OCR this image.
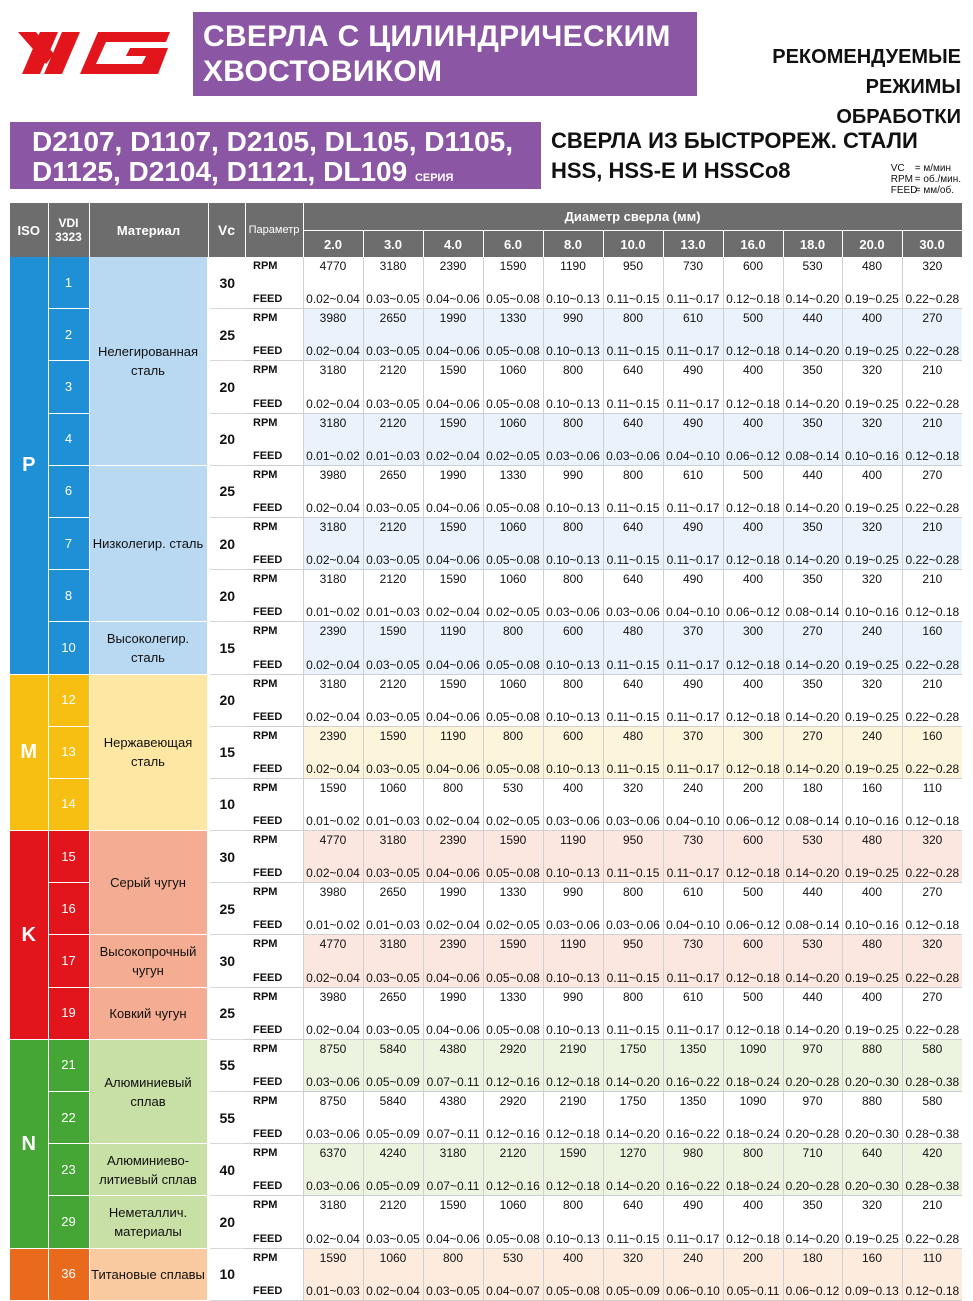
СВЕРЛА С ЦИЛИНДРИЧЕСКИМ
ХВОСТОВИКОМ	РЕКОМЕНДУЕМЫЕ РЕЖИМЫ
ОБРАБОТКИ
D2107, D1107, D2105, DL105, D1105,
D1125, D2104, D1121, DL109 СЕРИЯ
СВЕРЛА ИЗ БЫСТРОРЕЖ. СТАЛИ
HSS, HSS-E И HSSCo8	VC = м/мин
RPM = об./мин.
FEED= мм/об.
ISO	VDI 3323	Материал	Vc	Параметр	Диаметр сверла (мм)										
					2.0	3.0	4.0	6.0	8.0	10.0	13.0	16.0	18.0	20.0	30.0
P	1	Нелегированная сталь	30	RPM	4770	3180	2390	1590	1190	950	730	600	530	480	320
				FEED	0.02~0.04	0.03~0.05	0.04~0.06	0.05~0.08	0.10~0.13	0.11~0.15	0.11~0.17	0.12~0.18	0.14~0.20	0.19~0.25	0.22~0.28
	2		25	RPM	3980	2650	1990	1330	990	800	610	500	440	400	270
				FEED	0.02~0.04	0.03~0.05	0.04~0.06	0.05~0.08	0.10~0.13	0.11~0.15	0.11~0.17	0.12~0.18	0.14~0.20	0.19~0.25	0.22~0.28
	3		20	RPM	3180	2120	1590	1060	800	640	490	400	350	320	210
				FEED	0.02~0.04	0.03~0.05	0.04~0.06	0.05~0.08	0.10~0.13	0.11~0.15	0.11~0.17	0.12~0.18	0.14~0.20	0.19~0.25	0.22~0.28
	4		20	RPM	3180	2120	1590	1060	800	640	490	400	350	320	210
				FEED	0.01~0.02	0.01~0.03	0.02~0.04	0.02~0.05	0.03~0.06	0.03~0.06	0.04~0.10	0.06~0.12	0.08~0.14	0.10~0.16	0.12~0.18
	6	Низколегир. сталь	25	RPM	3980	2650	1990	1330	990	800	610	500	440	400	270
				FEED	0.02~0.04	0.03~0.05	0.04~0.06	0.05~0.08	0.10~0.13	0.11~0.15	0.11~0.17	0.12~0.18	0.14~0.20	0.19~0.25	0.22~0.28
	7		20	RPM	3180	2120	1590	1060	800	640	490	400	350	320	210
				FEED	0.02~0.04	0.03~0.05	0.04~0.06	0.05~0.08	0.10~0.13	0.11~0.15	0.11~0.17	0.12~0.18	0.14~0.20	0.19~0.25	0.22~0.28
	8		20	RPM	3180	2120	1590	1060	800	640	490	400	350	320	210
				FEED	0.01~0.02	0.01~0.03	0.02~0.04	0.02~0.05	0.03~0.06	0.03~0.06	0.04~0.10	0.06~0.12	0.08~0.14	0.10~0.16	0.12~0.18
	10	Высоколегир. сталь	15	RPM	2390	1590	1190	800	600	480	370	300	270	240	160
				FEED	0.02~0.04	0.03~0.05	0.04~0.06	0.05~0.08	0.10~0.13	0.11~0.15	0.11~0.17	0.12~0.18	0.14~0.20	0.19~0.25	0.22~0.28
M	12	Нержавеющая сталь	20	RPM	3180	2120	1590	1060	800	640	490	400	350	320	210
				FEED	0.02~0.04	0.03~0.05	0.04~0.06	0.05~0.08	0.10~0.13	0.11~0.15	0.11~0.17	0.12~0.18	0.14~0.20	0.19~0.25	0.22~0.28
	13		15	RPM	2390	1590	1190	800	600	480	370	300	270	240	160
				FEED	0.02~0.04	0.03~0.05	0.04~0.06	0.05~0.08	0.10~0.13	0.11~0.15	0.11~0.17	0.12~0.18	0.14~0.20	0.19~0.25	0.22~0.28
	14		10	RPM	1590	1060	800	530	400	320	240	200	180	160	110
				FEED	0.01~0.02	0.01~0.03	0.02~0.04	0.02~0.05	0.03~0.06	0.03~0.06	0.04~0.10	0.06~0.12	0.08~0.14	0.10~0.16	0.12~0.18
K	15	Серый чугун	30	RPM	4770	3180	2390	1590	1190	950	730	600	530	480	320
				FEED	0.02~0.04	0.03~0.05	0.04~0.06	0.05~0.08	0.10~0.13	0.11~0.15	0.11~0.17	0.12~0.18	0.14~0.20	0.19~0.25	0.22~0.28
	16		25	RPM	3980	2650	1990	1330	990	800	610	500	440	400	270
				FEED	0.01~0.02	0.01~0.03	0.02~0.04	0.02~0.05	0.03~0.06	0.03~0.06	0.04~0.10	0.06~0.12	0.08~0.14	0.10~0.16	0.12~0.18
	17	Высокопрочный чугун	30	RPM	4770	3180	2390	1590	1190	950	730	600	530	480	320
				FEED	0.02~0.04	0.03~0.05	0.04~0.06	0.05~0.08	0.10~0.13	0.11~0.15	0.11~0.17	0.12~0.18	0.14~0.20	0.19~0.25	0.22~0.28
	19	Ковкий чугун	25	RPM	3980	2650	1990	1330	990	800	610	500	440	400	270
				FEED	0.02~0.04	0.03~0.05	0.04~0.06	0.05~0.08	0.10~0.13	0.11~0.15	0.11~0.17	0.12~0.18	0.14~0.20	0.19~0.25	0.22~0.28
N	21	Алюминиевый сплав	55	RPM	8750	5840	4380	2920	2190	1750	1350	1090	970	880	580
				FEED	0.03~0.06	0.05~0.09	0.07~0.11	0.12~0.16	0.12~0.18	0.14~0.20	0.16~0.22	0.18~0.24	0.20~0.28	0.20~0.30	0.28~0.38
	22		55	RPM	8750	5840	4380	2920	2190	1750	1350	1090	970	880	580
				FEED	0.03~0.06	0.05~0.09	0.07~0.11	0.12~0.16	0.12~0.18	0.14~0.20	0.16~0.22	0.18~0.24	0.20~0.28	0.20~0.30	0.28~0.38
	23	Алюминиево-литиевый сплав	40	RPM	6370	4240	3180	2120	1590	1270	980	800	710	640	420
				FEED	0.03~0.06	0.05~0.09	0.07~0.11	0.12~0.16	0.12~0.18	0.14~0.20	0.16~0.22	0.18~0.24	0.20~0.28	0.20~0.30	0.28~0.38
	29	Неметаллич. материалы	20	RPM	3180	2120	1590	1060	800	640	490	400	350	320	210
				FEED	0.02~0.04	0.03~0.05	0.04~0.06	0.05~0.08	0.10~0.13	0.11~0.15	0.11~0.17	0.12~0.18	0.14~0.20	0.19~0.25	0.22~0.28
	36	Титановые сплавы	10	RPM	1590	1060	800	530	400	320	240	200	180	160	110
				FEED	0.01~0.03	0.02~0.04	0.03~0.05	0.04~0.07	0.05~0.08	0.05~0.09	0.06~0.10	0.05~0.11	0.06~0.12	0.09~0.13	0.12~0.18
